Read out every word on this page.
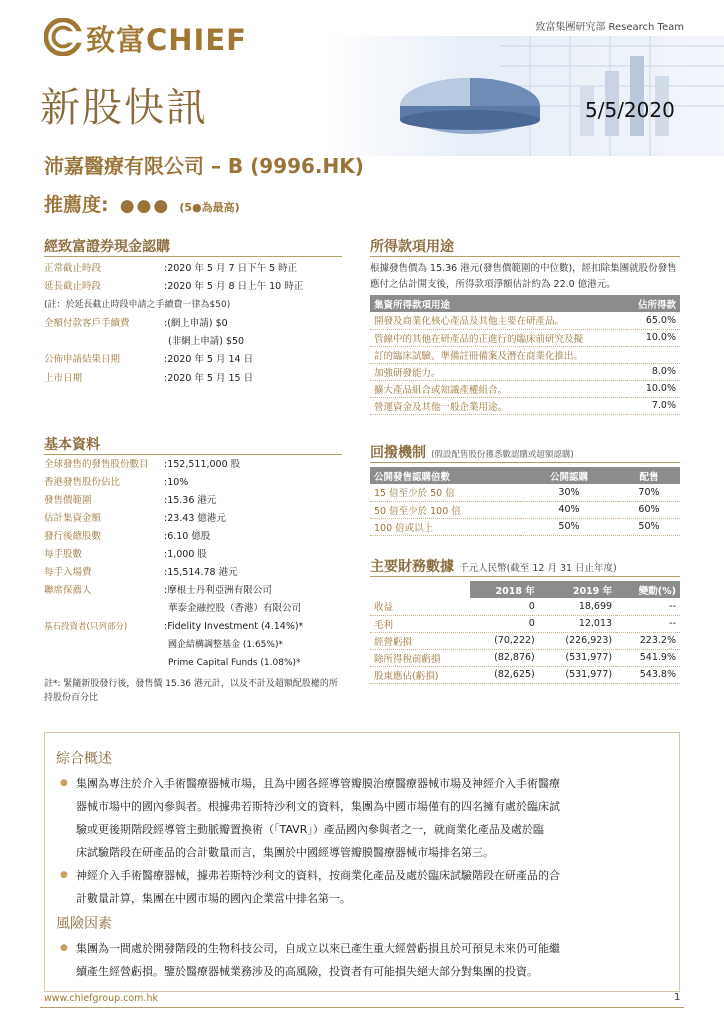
致富CHIEF	致富集團研究部 Research Team
新股快訊	5/5/2020
沛嘉醫療有限公司 – B (9996.HK)
推薦度: ●●● (5●為最高)
經致富證券現金認購
正常截止時段	:2020 年 5 月 7 日下午 5 時正
延長截止時段	:2020 年 5 月 8 日上午 10 時正
(註：於延長截止時段申請之手續費一律為$50)
全額付款客戶手續費	:(網上申請) $0
(非網上申請) $50
公佈申請結果日期	:2020 年 5 月 14 日
上市日期	:2020 年 5 月 15 日
基本資料
全球發售的發售股份數目 :152,511,000 股
香港發售股份佔比	:10%
發售價範圍	:15.36 港元
估計集資金額	:23.43 億港元
發行後總股數	:6.10 億股
每手股數	:1,000 股
每手入場費	:15,514.78 港元
聯席保薦人	:摩根士丹利亞洲有限公司
華泰金融控股（香港）有限公司
基石投資者(只列部分)	:Fidelity Investment (4.14%)*
國企結構調整基金 (1.65%)*
Prime Capital Funds (1.08%)*
註*: 緊隨新股發行後，發售價 15.36 港元計，以及不計及超額配股權的所持股份百分比
所得款項用途
根據發售價為 15.36 港元(發售價範圍的中位數)，經扣除集團就股份發售應付之估計開支後，所得款項淨額估計約為 22.0 億港元。
集資所得款項用途	佔所得款
開發及商業化核心產品及其他主要在研產品。	65.0%
管線中的其他在研產品的正進行的臨床前研究及擬	10.0%
訂的臨床試驗、準備註冊備案及潛在商業化推出。	
加強研發能力。	8.0%
擴大產品組合或知識產權組合。	10.0%
營運資金及其他一般企業用途。	7.0%
回撥機制 (假設配售股份獲悉數認購或超額認購)
公開發售認購倍數	公開認購	配售
15 倍至少於 50 倍	30%	70%
50 倍至少於 100 倍	40%	60%
100 倍或以上	50%	50%
主要財務數據 千元人民幣(截至 12 月 31 日止年度)
	2018 年	2019 年	變動(%)
收益	0	18,699	--
毛利	0	12,013	--
經營虧損	(70,222)	(226,923)	223.2%
除所得稅前虧損	(82,876)	(531,977)	541.9%
股東應佔(虧損)	(82,625)	(531,977)	543.8%
綜合概述
● 集團為專注於介入手術醫療器械市場，且為中國各經導管瓣膜治療醫療器械市場及神經介入手術醫療
器械市場中的國內參與者。根據弗若斯特沙利文的資料，集團為中國市場僅有的四名擁有處於臨床試
驗或更後期階段經導管主動脈瓣置換術（「TAVR」）產品國內參與者之一，就商業化產品及處於臨
床試驗階段在研產品的合計數量而言，集團於中國經導管瓣膜醫療器械市場排名第三。
● 神經介入手術醫療器械，據弗若斯特沙利文的資料，按商業化產品及處於臨床試驗階段在研產品的合
計數量計算，集團在中國市場的國內企業當中排名第一。
風險因素
● 集團為一間處於開發階段的生物科技公司，自成立以來已產生重大經營虧損且於可預見未來仍可能繼
續產生經營虧損。鑒於醫療器械業務涉及的高風險，投資者有可能損失絕大部分對集團的投資。
www.chiefgroup.com.hk	1
